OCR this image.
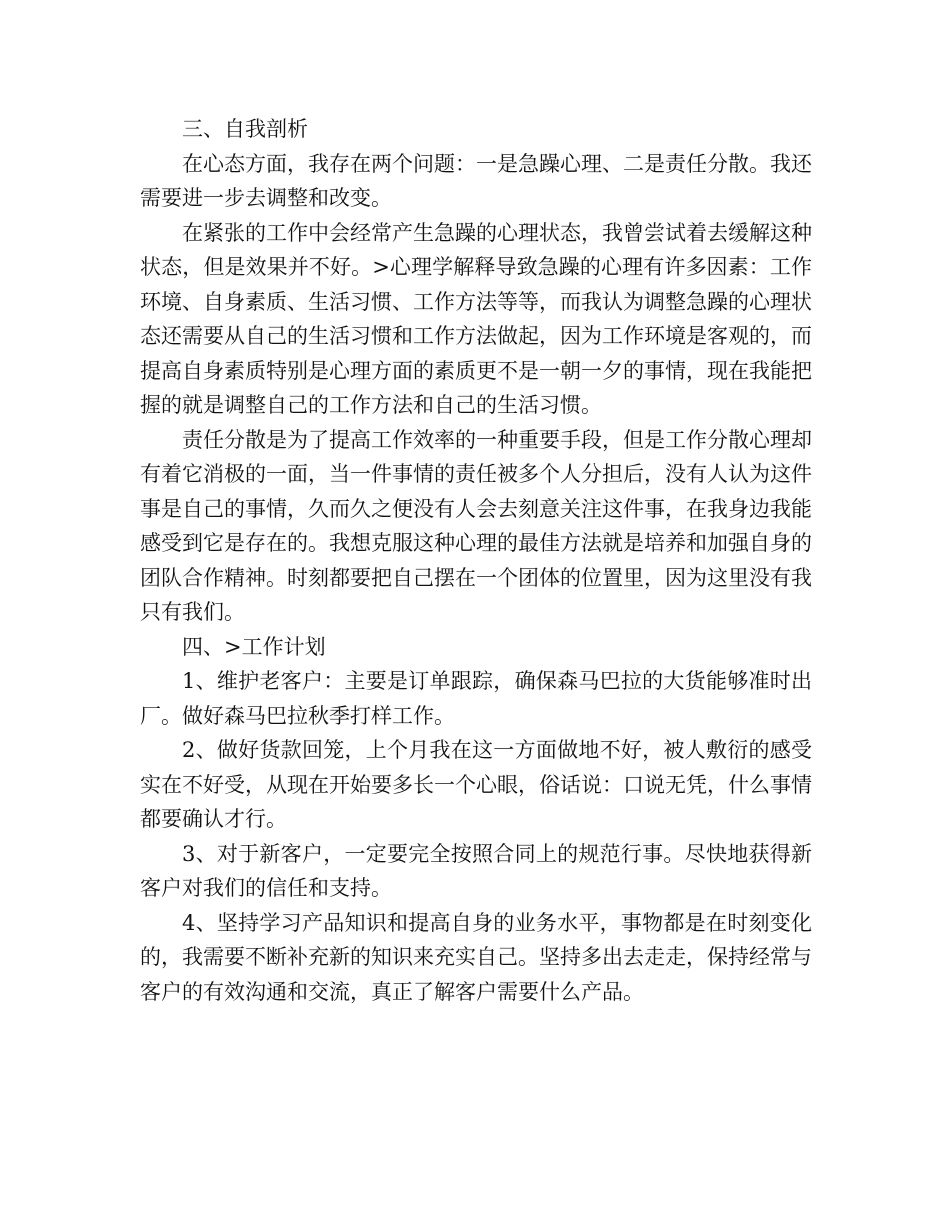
三、自我剖析

在心态方面，我存在两个问题：一是急躁心理、二是责任分散。我还需要进一步去调整和改变。

在紧张的工作中会经常产生急躁的心理状态，我曾尝试着去缓解这种状态，但是效果并不好。>心理学解释导致急躁的心理有许多因素：工作环境、自身素质、生活习惯、工作方法等等，而我认为调整急躁的心理状态还需要从自己的生活习惯和工作方法做起，因为工作环境是客观的，而提高自身素质特别是心理方面的素质更不是一朝一夕的事情，现在我能把握的就是调整自己的工作方法和自己的生活习惯。

责任分散是为了提高工作效率的一种重要手段，但是工作分散心理却有着它消极的一面，当一件事情的责任被多个人分担后，没有人认为这件事是自己的事情，久而久之便没有人会去刻意关注这件事，在我身边我能感受到它是存在的。我想克服这种心理的最佳方法就是培养和加强自身的团队合作精神。时刻都要把自己摆在一个团体的位置里，因为这里没有我只有我们。

四、>工作计划

1、维护老客户：主要是订单跟踪，确保森马巴拉的大货能够准时出厂。做好森马巴拉秋季打样工作。

2、做好货款回笼，上个月我在这一方面做地不好，被人敷衍的感受实在不好受，从现在开始要多长一个心眼，俗话说：口说无凭，什么事情都要确认才行。

3、对于新客户，一定要完全按照合同上的规范行事。尽快地获得新客户对我们的信任和支持。

4、坚持学习产品知识和提高自身的业务水平，事物都是在时刻变化的，我需要不断补充新的知识来充实自己。坚持多出去走走，保持经常与客户的有效沟通和交流，真正了解客户需要什么产品。
